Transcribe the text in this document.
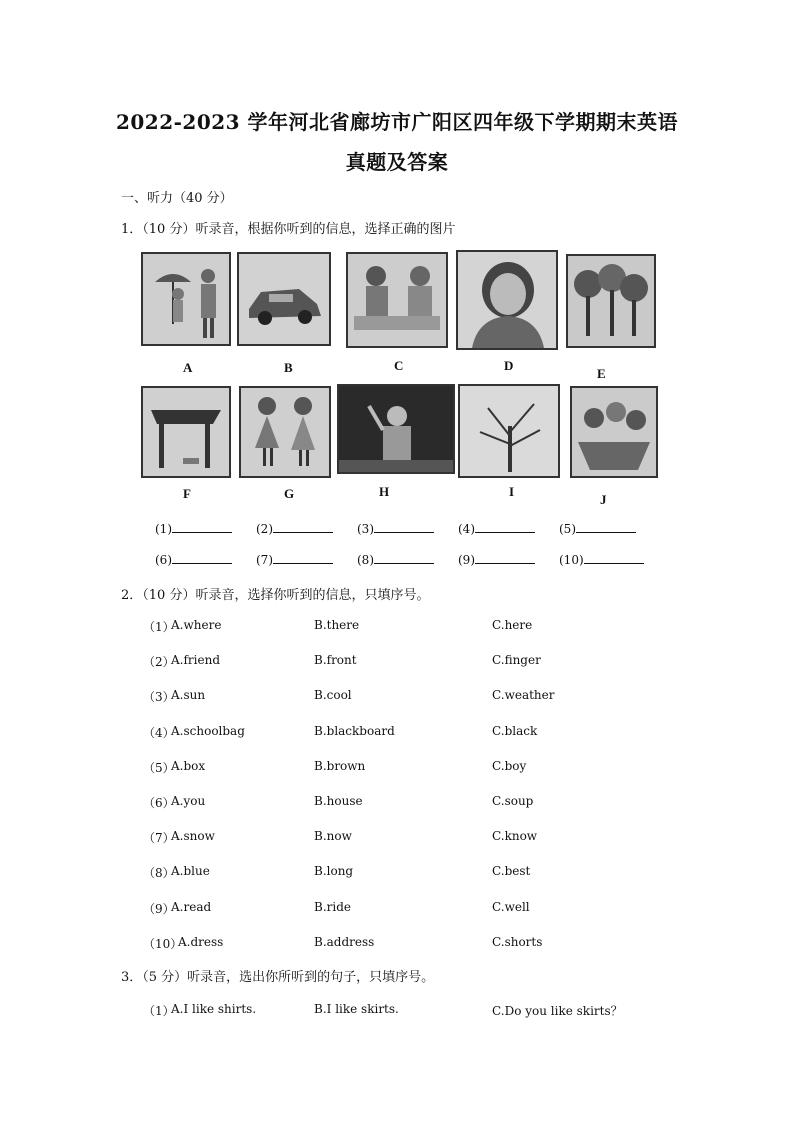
2022-2023 学年河北省廊坊市广阳区四年级下学期期末英语
真题及答案
一、听力（40 分）
1．（10 分）听录音，根据你听到的信息，选择正确的图片
A	B	C	D
E
F	G	H	I
J
(1)	(2)	(3)	(4)	(5)
(6)	(7)	(8)	(9)	(10)
2．（10 分）听录音，选择你听到的信息，只填序号。
（1）
A.where	B.there	C.here
（2）
A.friend	B.front	C.finger
（3）
A.sun	B.cool	C.weather
（4）
A.schoolbag	B.blackboard	C.black
（5）
A.box	B.brown	C.boy
（6）
A.you	B.house	C.soup
（7）
A.snow	B.now	C.know
（8）
A.blue	B.long	C.best
（9）
A.read	B.ride	C.well
（10）
A.dress	B.address	C.shorts
3．（5 分）听录音，选出你所听到的句子，只填序号。
（1）
A.I like shirts.	B.I like skirts.	C.Do you like skirts？
